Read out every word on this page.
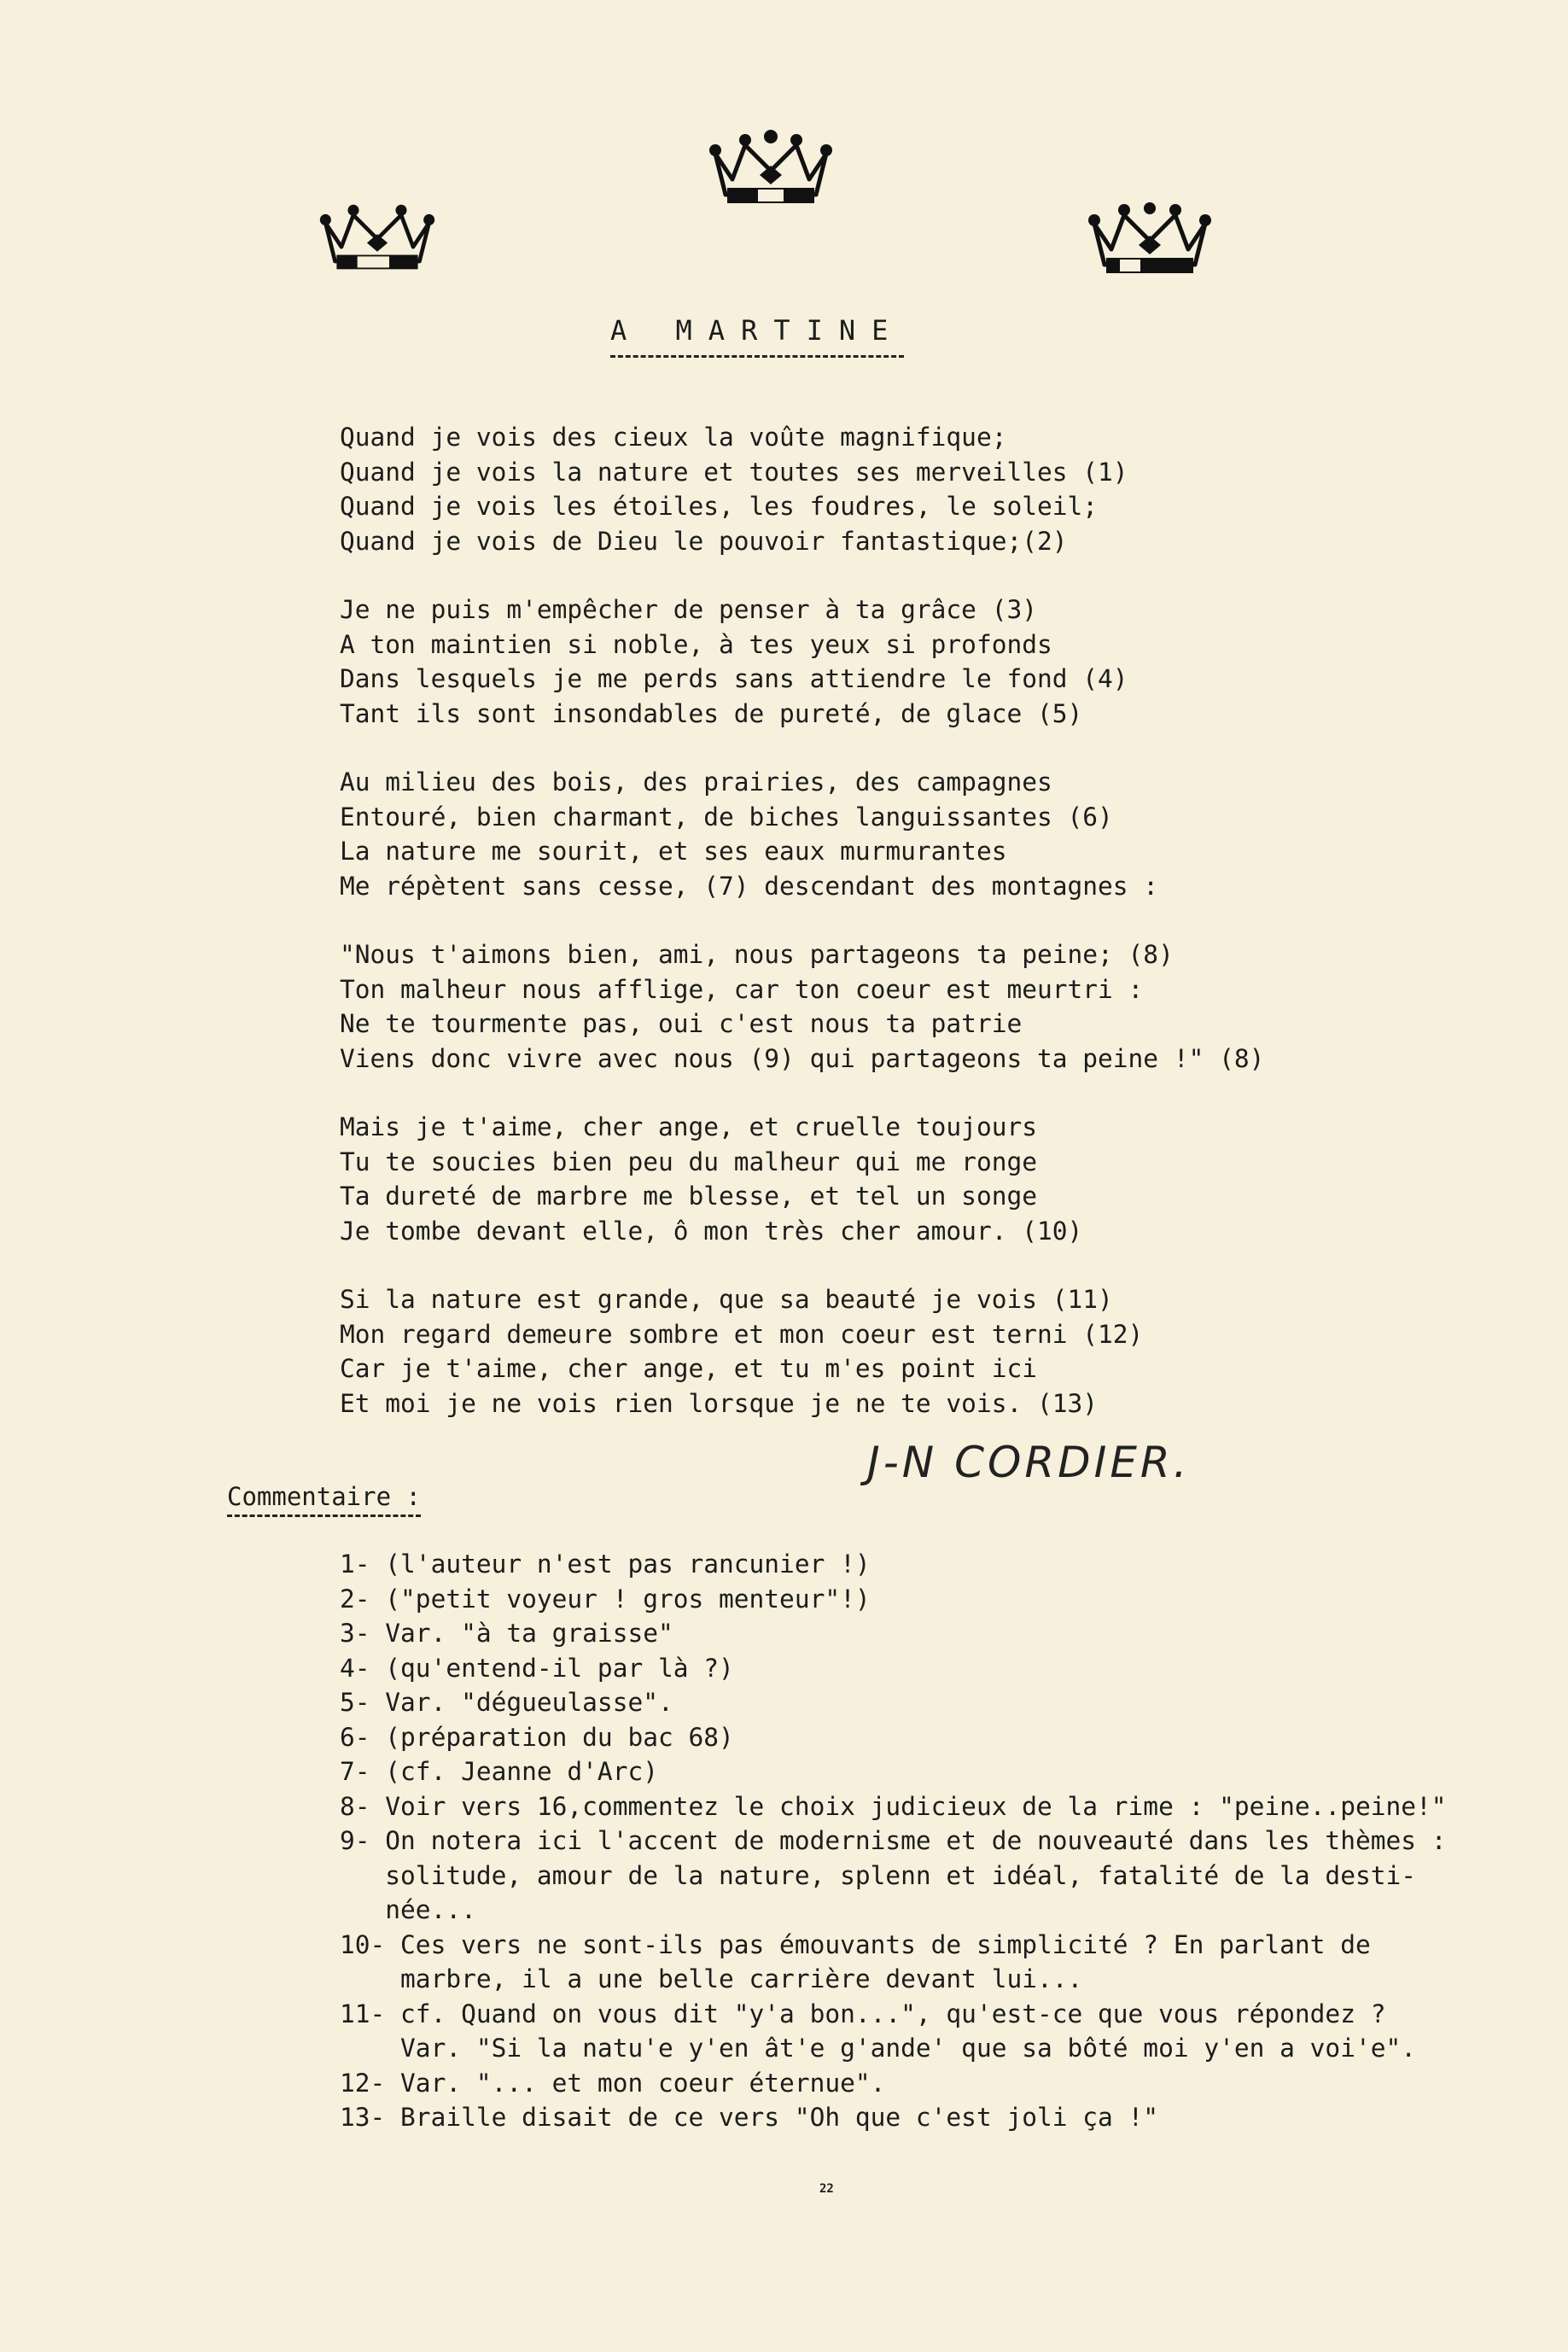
A MARTINE
Quand je vois des cieux la voûte magnifique;
Quand je vois la nature et toutes ses merveilles (1)
Quand je vois les étoiles, les foudres, le soleil;
Quand je vois de Dieu le pouvoir fantastique;(2)
Je ne puis m'empêcher de penser à ta grâce (3)
A ton maintien si noble, à tes yeux si profonds
Dans lesquels je me perds sans attiendre le fond (4)
Tant ils sont insondables de pureté, de glace (5)
Au milieu des bois, des prairies, des campagnes
Entouré, bien charmant, de biches languissantes (6)
La nature me sourit, et ses eaux murmurantes
Me répètent sans cesse, (7) descendant des montagnes :
"Nous t'aimons bien, ami, nous partageons ta peine; (8)
Ton malheur nous afflige, car ton coeur est meurtri :
Ne te tourmente pas, oui c'est nous ta patrie
Viens donc vivre avec nous (9) qui partageons ta peine !" (8)
Mais je t'aime, cher ange, et cruelle toujours
Tu te soucies bien peu du malheur qui me ronge
Ta dureté de marbre me blesse, et tel un songe
Je tombe devant elle, ô mon très cher amour. (10)
Si la nature est grande, que sa beauté je vois (11)
Mon regard demeure sombre et mon coeur est terni (12)
Car je t'aime, cher ange, et tu m'es point ici
Et moi je ne vois rien lorsque je ne te vois. (13)
J-N CORDIER.
Commentaire :
1- (l'auteur n'est pas rancunier !)
2- ("petit voyeur ! gros menteur"!)
3- Var. "à ta graisse"
4- (qu'entend-il par là ?)
5- Var. "dégueulasse".
6- (préparation du bac 68)
7- (cf. Jeanne d'Arc)
8- Voir vers 16,commentez le choix judicieux de la rime : "peine..peine!"
9- On notera ici l'accent de modernisme et de nouveauté dans les thèmes :
solitude, amour de la nature, splenn et idéal, fatalité de la desti-
née...
10- Ces vers ne sont-ils pas émouvants de simplicité ? En parlant de
marbre, il a une belle carrière devant lui...
11- cf. Quand on vous dit "y'a bon...", qu'est-ce que vous répondez ?
Var. "Si la natu'e y'en ât'e g'ande' que sa bôté moi y'en a voi'e".
12- Var. "... et mon coeur éternue".
13- Braille disait de ce vers "Oh que c'est joli ça !"
22
